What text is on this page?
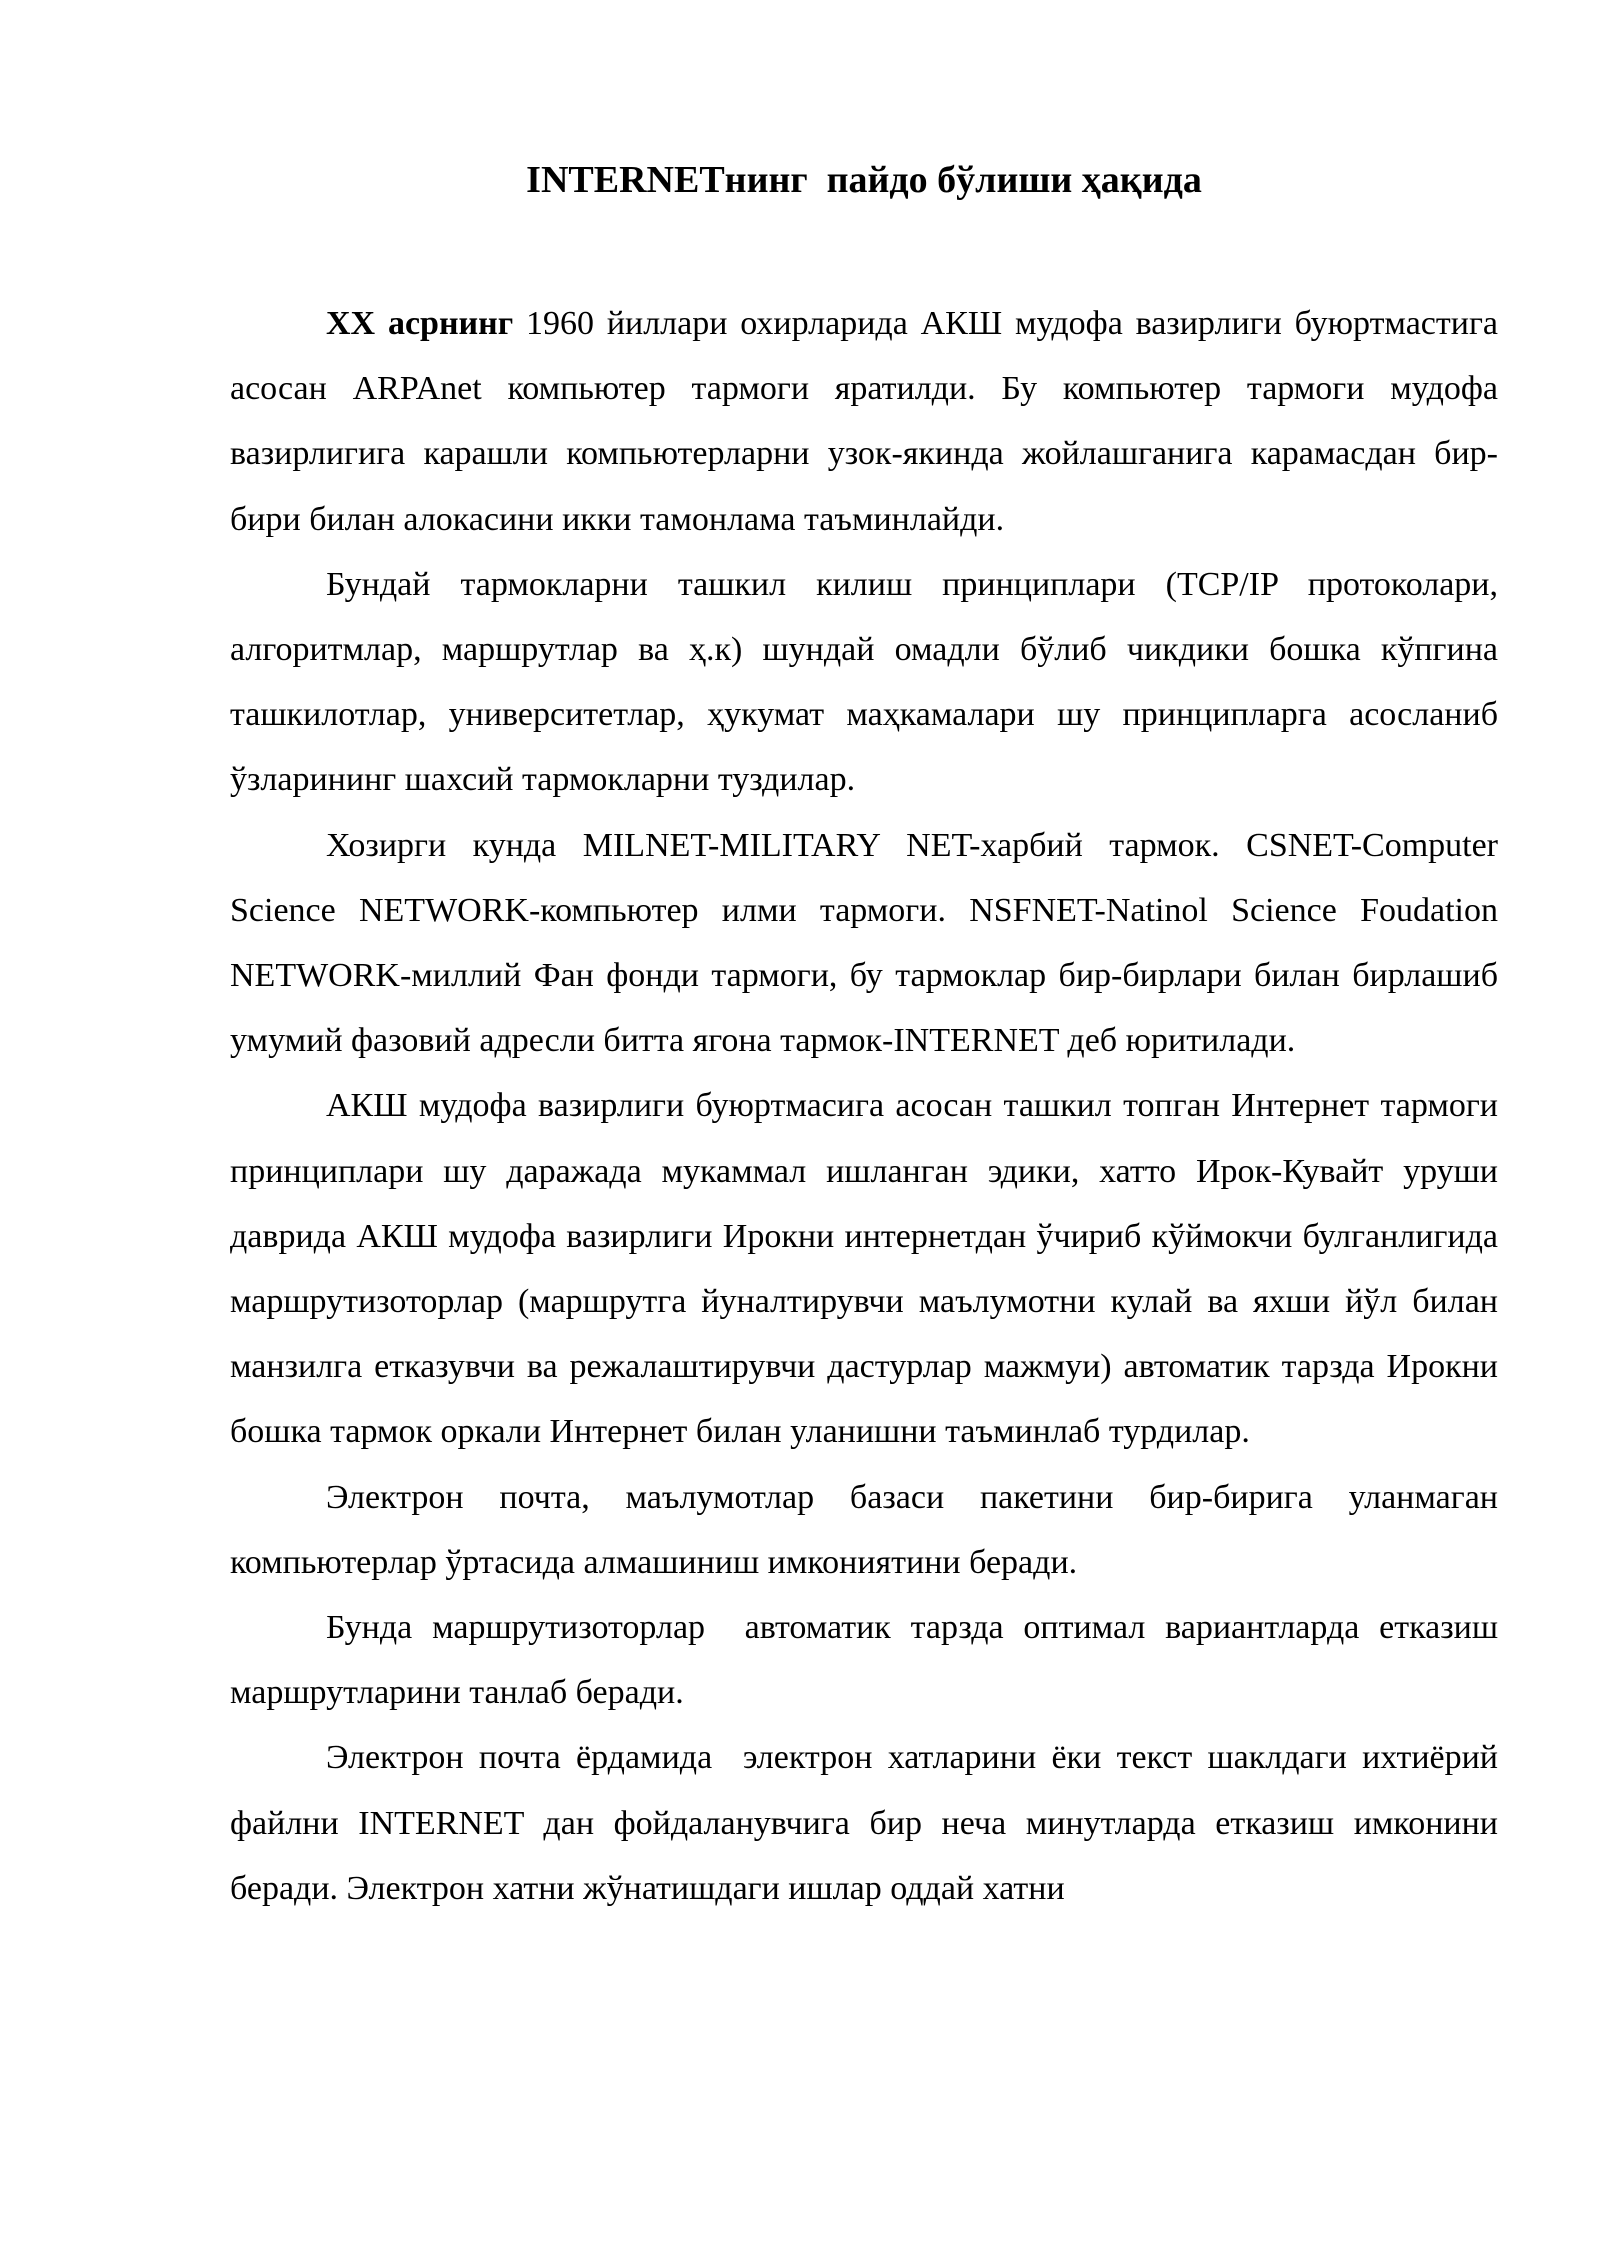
INTERNETнинг  пайдо бўлиши ҳақида

XX асрнинг 1960 йиллари охирларида АКШ мудофа вазирлиги буюртмастига асосан ARPAnet компьютер тармоги яратилди. Бу компьютер тармоги мудофа вазирлигига карашли компьютерларни узок-якинда жойлашганига карамасдан бир-бири билан алокасини икки тамонлама таъминлайди.

Бундай тармокларни ташкил килиш принциплари (TCP/IP протоколари, алгоритмлар, маршрутлар ва ҳ.к) шундай омадли бўлиб чикдики бошка кўпгина ташкилотлар, университетлар, ҳукумат маҳкамалари шу принципларга асосланиб ўзларининг шахсий тармокларни туздилар.

Хозирги кунда MILNET-MILITARY NET-харбий тармок. CSNET-Computer Science NETWORK-компьютер илми тармоги. NSFNET-Natinol Science Foudation NETWORK-миллий Фан фонди тармоги, бу тармоклар бир-бирлари билан бирлашиб умумий фазовий адресли битта ягона тармок-INTERNET деб юритилади.

АКШ мудофа вазирлиги буюртмасига асосан ташкил топган Интернет тармоги принциплари шу даражада мукаммал ишланган эдики, хатто Ирок-Кувайт уруши даврида АКШ мудофа вазирлиги Ирокни интернетдан ўчириб кўймокчи булганлигида маршрутизоторлар (маршрутга йуналтирувчи маълумотни кулай ва яхши йўл билан манзилга етказувчи ва режалаштирувчи дастурлар мажмуи) автоматик тарзда Ирокни бошка тармок оркали Интернет билан уланишни таъминлаб турдилар.

Электрон почта, маълумотлар базаси пакетини бир-бирига уланмаган компьютерлар ўртасида алмашиниш имкониятини беради.

Бунда маршрутизоторлар  автоматик тарзда оптимал вариантларда етказиш   маршрутларини танлаб беради.

Электрон почта ёрдамида  электрон хатларини ёки текст шаклдаги ихтиёрий файлни INTERNET дан фойдаланувчига бир неча минутларда етказиш имконини беради. Электрон хатни жўнатишдаги ишлар оддай хатни
